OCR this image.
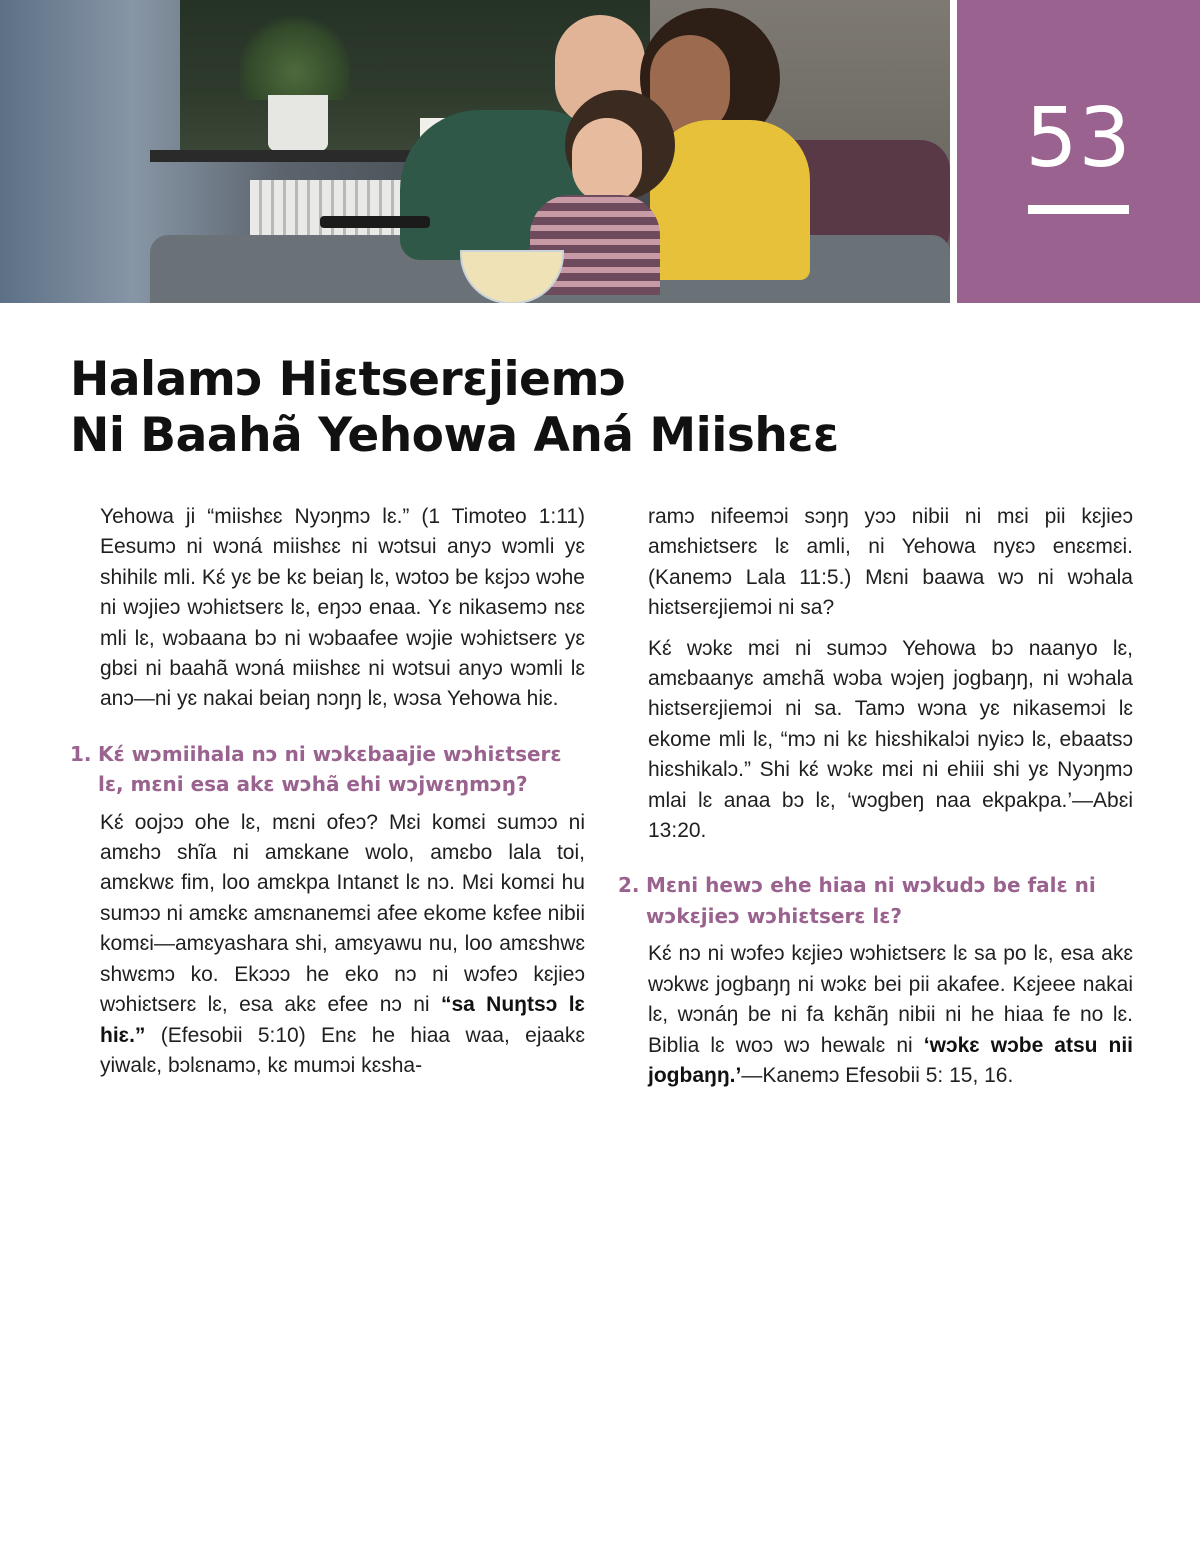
53
Halamɔ Hiɛtserɛjiemɔ
Ni Baahã Yehowa Aná Miishɛɛ

Yehowa ji “miishɛɛ Nyɔŋmɔ lɛ.” (1 Timoteo 1:11) Eesumɔ ni wɔná miishɛɛ ni wɔtsui anyɔ wɔmli yɛ shihilɛ mli. Kɛ́ yɛ be kɛ beiaŋ lɛ, wɔtoɔ be kɛjɔɔ wɔhe ni wɔjieɔ wɔhiɛtserɛ lɛ, eŋɔɔ enaa. Yɛ nikasemɔ nɛɛ mli lɛ, wɔbaana bɔ ni wɔbaafee wɔjie wɔhiɛtserɛ yɛ gbɛi ni baahã wɔná miishɛɛ ni wɔtsui anyɔ wɔmli lɛ anɔ—ni yɛ nakai beiaŋ nɔŋŋ lɛ, wɔsa Yehowa hiɛ.

1. Kɛ́ wɔmiihala nɔ ni wɔkɛbaajie wɔhiɛtserɛ lɛ, mɛni esa akɛ wɔhã ehi wɔjwɛŋmɔŋ?

Kɛ́ oojɔɔ ohe lɛ, mɛni ofeɔ? Mɛi komɛi sumɔɔ ni amɛhɔ shĩa ni amɛkane wolo, amɛbo lala toi, amɛkwɛ fim, loo amɛkpa Intanɛt lɛ nɔ. Mɛi komɛi hu sumɔɔ ni amɛkɛ amɛnanemɛi afee ekome kɛfee nibii komɛi—amɛyashara shi, amɛyawu nu, loo amɛshwɛ shwɛmɔ ko. Ekɔɔɔ he eko nɔ ni wɔfeɔ kɛjieɔ wɔhiɛtserɛ lɛ, esa akɛ efee nɔ ni “sa Nuŋtsɔ lɛ hiɛ.” (Efesobii 5:10) Enɛ he hiaa waa, ejaakɛ yiwalɛ, bɔlɛnamɔ, kɛ mumɔi kɛsha-

ramɔ nifeemɔi sɔŋŋ yɔɔ nibii ni mɛi pii kɛjieɔ amɛhiɛtserɛ lɛ amli, ni Yehowa nyɛɔ enɛɛmɛi. (Kanemɔ Lala 11:5.) Mɛni baawa wɔ ni wɔhala hiɛtserɛjiemɔi ni sa?

Kɛ́ wɔkɛ mɛi ni sumɔɔ Yehowa bɔ naanyo lɛ, amɛbaanyɛ amɛhã wɔba wɔjeŋ jogbaŋŋ, ni wɔhala hiɛtserɛjiemɔi ni sa. Tamɔ wɔna yɛ nikasemɔi lɛ ekome mli lɛ, “mɔ ni kɛ hiɛshikalɔi nyiɛɔ lɛ, ebaatsɔ hiɛshikalɔ.” Shi kɛ́ wɔkɛ mɛi ni ehiii shi yɛ Nyɔŋmɔ mlai lɛ anaa bɔ lɛ, ‘wɔgbeŋ naa ekpakpa.’—Abɛi 13:20.

2. Mɛni hewɔ ehe hiaa ni wɔkudɔ be falɛ ni wɔkɛjieɔ wɔhiɛtserɛ lɛ?

Kɛ́ nɔ ni wɔfeɔ kɛjieɔ wɔhiɛtserɛ lɛ sa po lɛ, esa akɛ wɔkwɛ jogbaŋŋ ni wɔkɛ bei pii akafee. Kɛjeee nakai lɛ, wɔnáŋ be ni fa kɛhãŋ nibii ni he hiaa fe no lɛ. Biblia lɛ woɔ wɔ hewalɛ ni ‘wɔkɛ wɔbe atsu nii jogbaŋŋ.’—Kanemɔ Efesobii 5: 15, 16.
